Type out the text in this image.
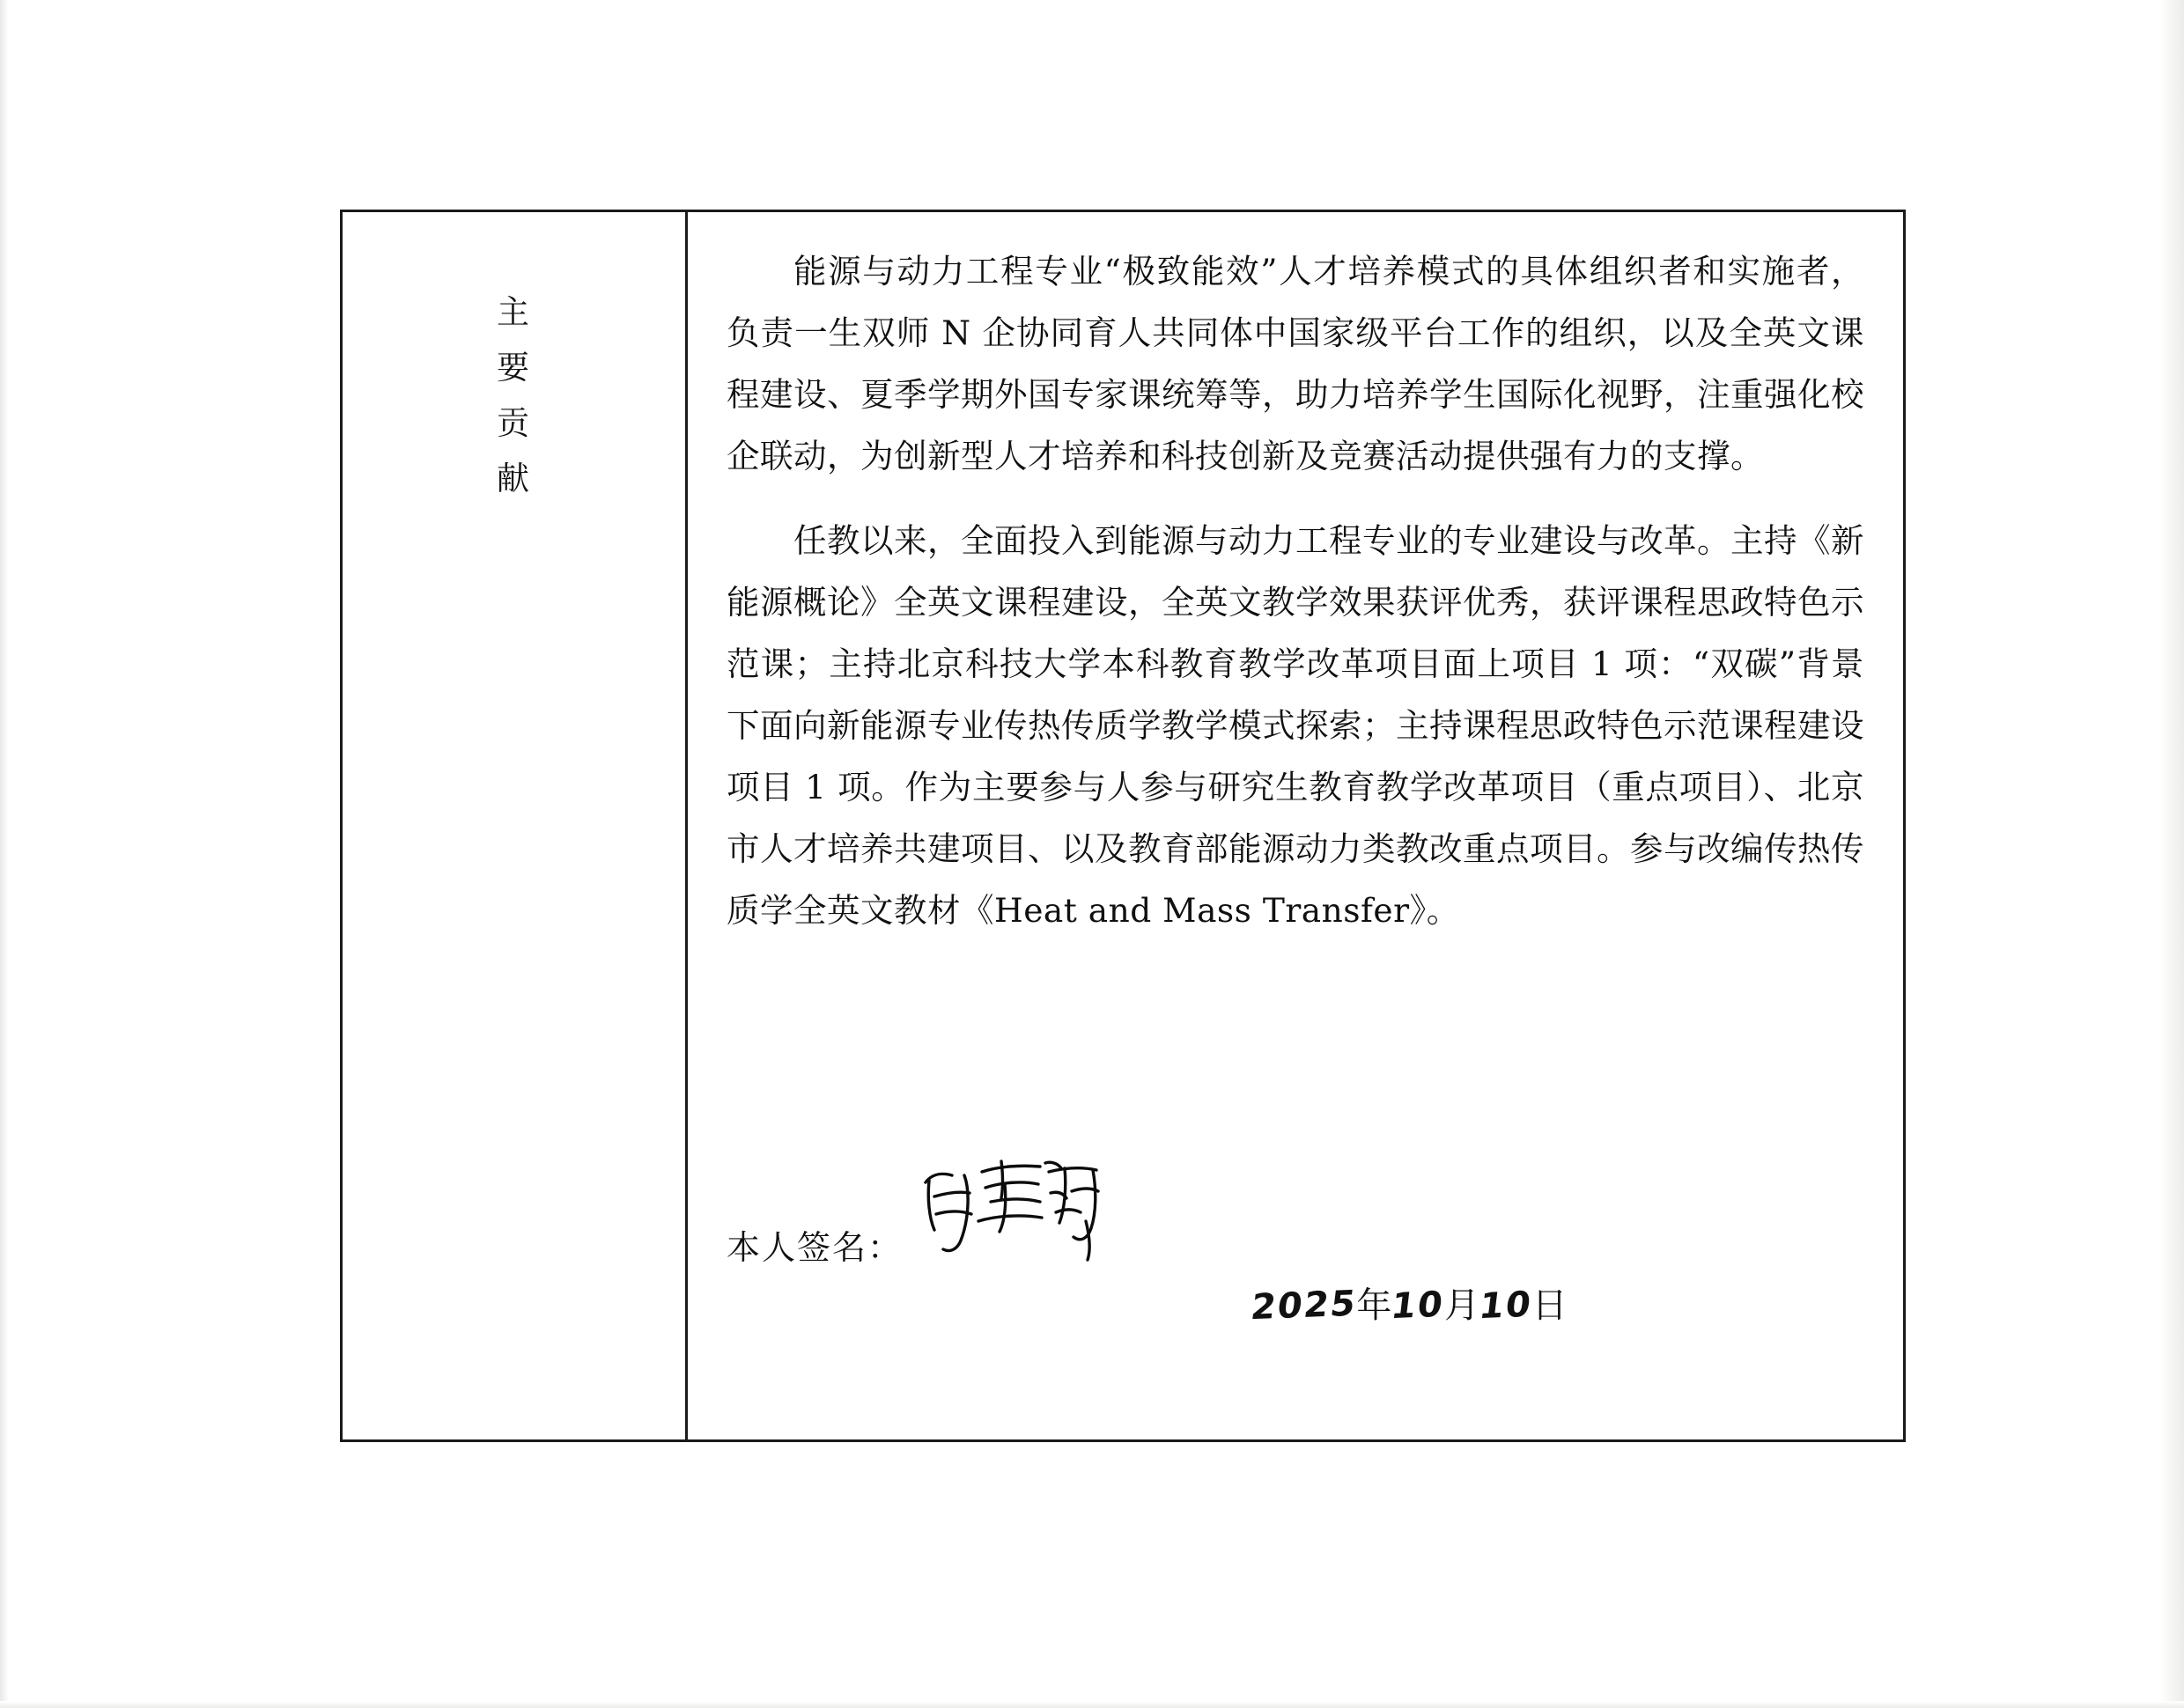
主
要
贡
献

能源与动力工程专业“极致能效”人才培养模式的具体组织者和实施者，负责一生双师 N 企协同育人共同体中国家级平台工作的组织，以及全英文课程建设、夏季学期外国专家课统筹等，助力培养学生国际化视野，注重强化校企联动，为创新型人才培养和科技创新及竞赛活动提供强有力的支撑。

任教以来，全面投入到能源与动力工程专业的专业建设与改革。主持《新能源概论》全英文课程建设，全英文教学效果获评优秀，获评课程思政特色示范课；主持北京科技大学本科教育教学改革项目面上项目 1 项：“双碳”背景下面向新能源专业传热传质学教学模式探索；主持课程思政特色示范课程建设项目 1 项。作为主要参与人参与研究生教育教学改革项目（重点项目）、北京市人才培养共建项目、以及教育部能源动力类教改重点项目。参与改编传热传质学全英文教材《Heat and Mass Transfer》。

本人签名：
2025年10月10日
